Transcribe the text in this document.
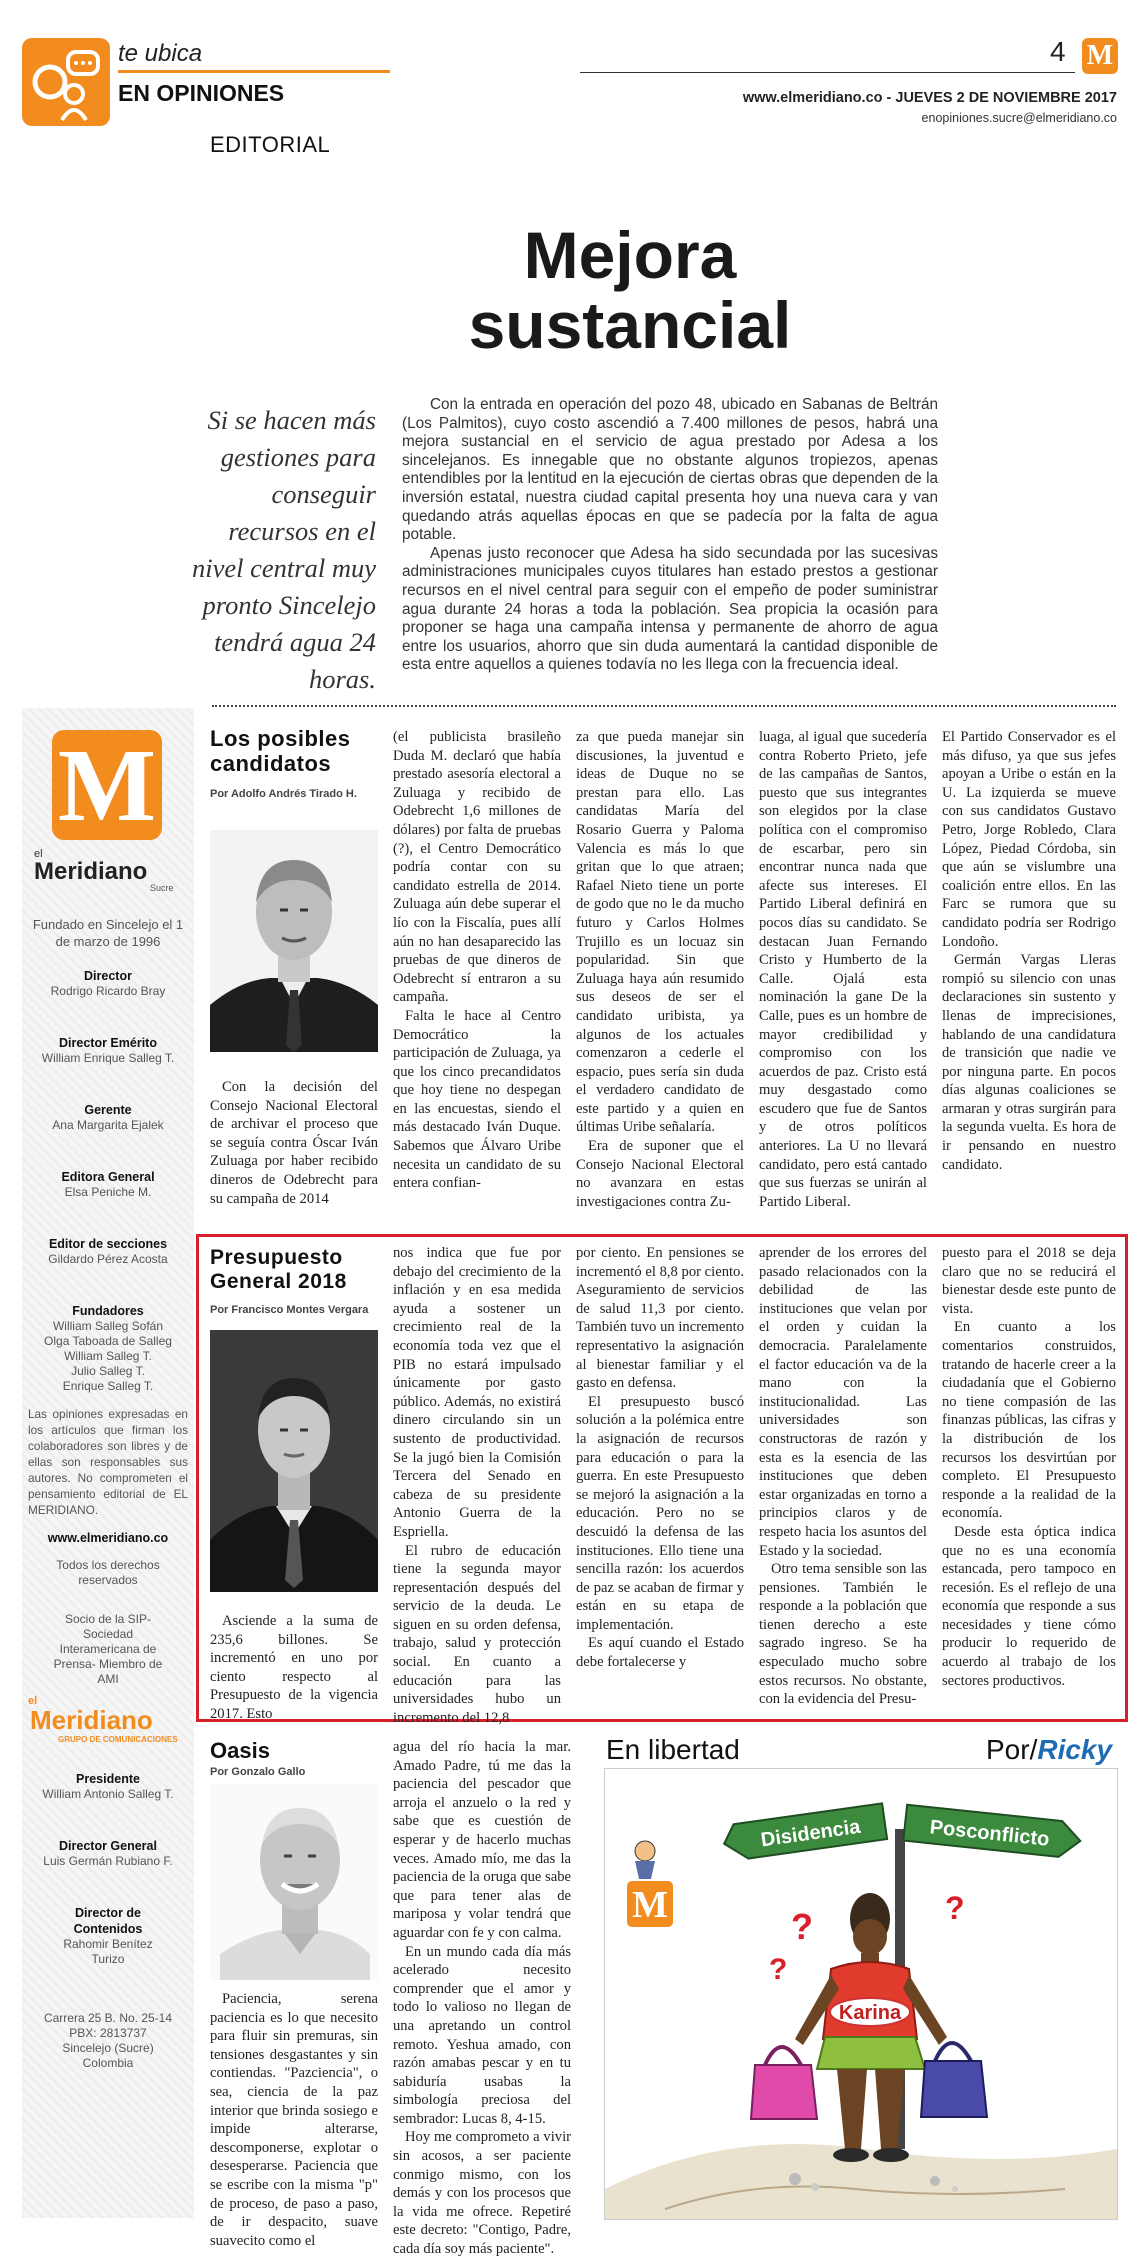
te ubica
EN OPINIONES
EDITORIAL
4 M
www.elmeridiano.co - JUEVES 2 DE NOVIEMBRE 2017
enopiniones.sucre@elmeridiano.co
Mejora
sustancial
Si se hacen más gestiones para conseguir recursos en el nivel central muy pronto Sincelejo tendrá agua 24 horas.

Con la entrada en operación del pozo 48, ubicado en Sabanas de Beltrán (Los Palmitos), cuyo costo ascendió a 7.400 millones de pesos, habrá una mejora sustancial en el servicio de agua prestado por Adesa a los sincelejanos. Es innegable que no obstante algunos tropiezos, apenas entendibles por la lentitud en la ejecución de ciertas obras que dependen de la inversión estatal, nuestra ciudad capital presenta hoy una nueva cara y van quedando atrás aquellas épocas en que se padecía por la falta de agua potable.

Apenas justo reconocer que Adesa ha sido secundada por las sucesivas administraciones municipales cuyos titulares han estado prestos a gestionar recursos en el nivel central para seguir con el empeño de poder suministrar agua durante 24 horas a toda la población. Sea propicia la ocasión para proponer se haga una campaña intensa y permanente de ahorro de agua entre los usuarios, ahorro que sin duda aumentará la cantidad disponible de esta entre aquellos a quienes todavía no les llega con la frecuencia ideal.

M
el
Meridiano
Sucre
Fundado en Sincelejo el 1 de marzo de 1996
Director
Rodrigo Ricardo Bray
Director Emérito
William Enrique Salleg T.
Gerente
Ana Margarita Ejalek
Editora General
Elsa Peniche M.
Editor de secciones
Gildardo Pérez Acosta
Fundadores
William Salleg Sofán
Olga Taboada de Salleg
William Salleg T.
Julio Salleg T.
Enrique Salleg T.
Las opiniones expresadas en los artículos que firman los colaboradores son libres y de ellas son responsables sus autores. No comprometen el pensamiento editorial de EL MERIDIANO.
www.elmeridiano.co
Todos los derechos reservados
Socio de la SIP-Sociedad Interamericana de Prensa- Miembro de AMI
el
Meridiano
GRUPO DE COMUNICACIONES
Presidente
William Antonio Salleg T.
Director General
Luis Germán Rubiano F.
Director de Contenidos
Rahomir Benítez Turizo
Carrera 25 B. No. 25-14
PBX: 2813737
Sincelejo (Sucre)
Colombia
Los posibles candidatos
Por Adolfo Andrés Tirado H.

Con la decisión del Consejo Nacional Electoral de archivar el proceso que se seguía contra Óscar Iván Zuluaga por haber recibido dineros de Odebrecht para su campaña de 2014

(el publicista brasileño Duda M. declaró que había prestado asesoría electoral a Zuluaga y recibido de Odebrecht 1,6 millones de dólares) por falta de pruebas (?), el Centro Democrático podría contar con su candidato estrella de 2014. Zuluaga aún debe superar el lío con la Fiscalía, pues allí aún no han desaparecido las pruebas de que dineros de Odebrecht sí entraron a su campaña.

Falta le hace al Centro Democrático la participación de Zuluaga, ya que los cinco precandidatos que hoy tiene no despegan en las encuestas, siendo el más destacado Iván Duque. Sabemos que Álvaro Uribe necesita un candidato de su entera confian-

za que pueda manejar sin discusiones, la juventud e ideas de Duque no se prestan para ello. Las candidatas María del Rosario Guerra y Paloma Valencia es más lo que gritan que lo que atraen; Rafael Nieto tiene un porte de godo que no le da mucho futuro y Carlos Holmes Trujillo es un locuaz sin popularidad. Sin que Zuluaga haya aún resumido sus deseos de ser el candidato uribista, ya algunos de los actuales comenzaron a cederle el espacio, pues sería sin duda el verdadero candidato de este partido y a quien en últimas Uribe señalaría.

Era de suponer que el Consejo Nacional Electoral no avanzara en estas investigaciones contra Zu-

luaga, al igual que sucedería contra Roberto Prieto, jefe de las campañas de Santos, puesto que sus integrantes son elegidos por la clase política con el compromiso de escarbar, pero sin encontrar nunca nada que afecte sus intereses. El Partido Liberal definirá en pocos días su candidato. Se destacan Juan Fernando Cristo y Humberto de la Calle. Ojalá esta nominación la gane De la Calle, pues es un hombre de mayor credibilidad y compromiso con los acuerdos de paz. Cristo está muy desgastado como escudero que fue de Santos y de otros políticos anteriores. La U no llevará candidato, pero está cantado que sus fuerzas se unirán al Partido Liberal.

El Partido Conservador es el más difuso, ya que sus jefes apoyan a Uribe o están en la U. La izquierda se mueve con sus candidatos Gustavo Petro, Jorge Robledo, Clara López, Piedad Córdoba, sin que aún se vislumbre una coalición entre ellos. En las Farc se rumora que su candidato podría ser Rodrigo Londoño.

Germán Vargas Lleras rompió su silencio con unas declaraciones sin sustento y llenas de imprecisiones, hablando de una candidatura de transición que nadie ve por ninguna parte. En pocos días algunas coaliciones se armaran y otras surgirán para la segunda vuelta. Es hora de ir pensando en nuestro candidato.

Presupuesto General 2018
Por Francisco Montes Vergara

Asciende a la suma de 235,6 billones. Se incrementó en uno por ciento respecto al Presupuesto de la vigencia 2017. Esto

nos indica que fue por debajo del crecimiento de la inflación y en esa medida ayuda a sostener un crecimiento real de la economía toda vez que el PIB no estará impulsado únicamente por gasto público. Además, no existirá dinero circulando sin un sustento de productividad. Se la jugó bien la Comisión Tercera del Senado en cabeza de su presidente Antonio Guerra de la Espriella.

El rubro de educación tiene la segunda mayor representación después del servicio de la deuda. Le siguen en su orden defensa, trabajo, salud y protección social. En cuanto a educación para las universidades hubo un incremento del 12,8

por ciento. En pensiones se incrementó el 8,8 por ciento. Aseguramiento de servicios de salud 11,3 por ciento. También tuvo un incremento representativo la asignación al bienestar familiar y el gasto en defensa.

El presupuesto buscó solución a la polémica entre la asignación de recursos para educación o para la guerra. En este Presupuesto se mejoró la asignación a la educación. Pero no se descuidó la defensa de las instituciones. Ello tiene una sencilla razón: los acuerdos de paz se acaban de firmar y están en su etapa de implementación.

Es aquí cuando el Estado debe fortalecerse y

aprender de los errores del pasado relacionados con la debilidad de las instituciones que velan por el orden y cuidan la democracia. Paralelamente el factor educación va de la mano con la institucionalidad. Las universidades son constructoras de razón y esta es la esencia de las instituciones que deben estar organizadas en torno a principios claros y de respeto hacia los asuntos del Estado y la sociedad.

Otro tema sensible son las pensiones. También le responde a la población que tienen derecho a este sagrado ingreso. Se ha especulado mucho sobre estos recursos. No obstante, con la evidencia del Presu-

puesto para el 2018 se deja claro que no se reducirá el bienestar desde este punto de vista.

En cuanto a los comentarios construidos, tratando de hacerle creer a la ciudadanía que el Gobierno no tiene compasión de las finanzas públicas, las cifras y la distribución de los recursos los desvirtúan por completo. El Presupuesto responde a la realidad de la economía.

Desde esta óptica indica que no es una economía estancada, pero tampoco en recesión. Es el reflejo de una economía que responde a sus necesidades y tiene cómo producir lo requerido de acuerdo al trabajo de los sectores productivos.

Oasis
Por Gonzalo Gallo

Paciencia, serena paciencia es lo que necesito para fluir sin premuras, sin tensiones desgastantes y sin contiendas. "Pazciencia", o sea, ciencia de la paz interior que brinda sosiego e impide alterarse, descomponerse, explotar o desesperarse. Paciencia que se escribe con la misma "p" de proceso, de paso a paso, de ir despacito, suave suavecito como el

agua del río hacia la mar. Amado Padre, tú me das la paciencia del pescador que arroja el anzuelo o la red y sabe que es cuestión de esperar y de hacerlo muchas veces. Amado mío, me das la paciencia de la oruga que sabe que para tener alas de mariposa y volar tendrá que aguardar con fe y con calma.

En un mundo cada día más acelerado necesito comprender que el amor y todo lo valioso no llegan de una apretando un control remoto. Yeshua amado, con razón amabas pescar y en tu sabiduría usabas la simbología preciosa del sembrador: Lucas 8, 4-15.

Hoy me comprometo a vivir sin acosos, a ser paciente conmigo mismo, con los demás y con los procesos que la vida me ofrece. Repetiré este decreto: "Contigo, Padre, cada día soy más paciente".

En libertad	Por/Ricky
Disidencia	Posconflicto
M
?
?
?
Karina
